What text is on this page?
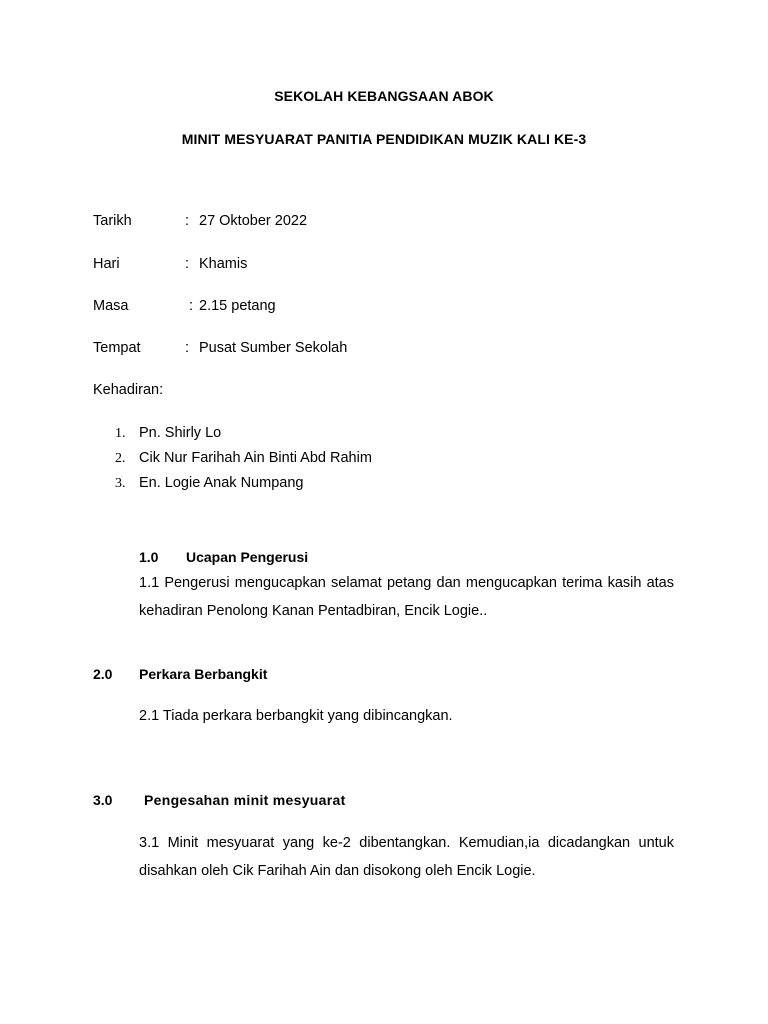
SEKOLAH KEBANGSAAN ABOK
MINIT MESYUARAT PANITIA PENDIDIKAN MUZIK KALI KE-3
Tarikh	: 27 Oktober 2022
Hari	: Khamis
Masa	: 2.15 petang
Tempat	: Pusat Sumber Sekolah
Kehadiran:
1. Pn. Shirly Lo
2. Cik Nur Farihah Ain Binti Abd Rahim
3. En. Logie Anak Numpang
1.0 Ucapan Pengerusi
1.1 Pengerusi mengucapkan selamat petang dan mengucapkan terima kasih atas kehadiran Penolong Kanan Pentadbiran, Encik Logie..
2.0 Perkara Berbangkit
2.1 Tiada perkara berbangkit yang dibincangkan.
3.0 Pengesahan minit mesyuarat
3.1 Minit mesyuarat yang ke-2 dibentangkan. Kemudian,ia dicadangkan untuk disahkan oleh Cik Farihah Ain dan disokong oleh Encik Logie.
